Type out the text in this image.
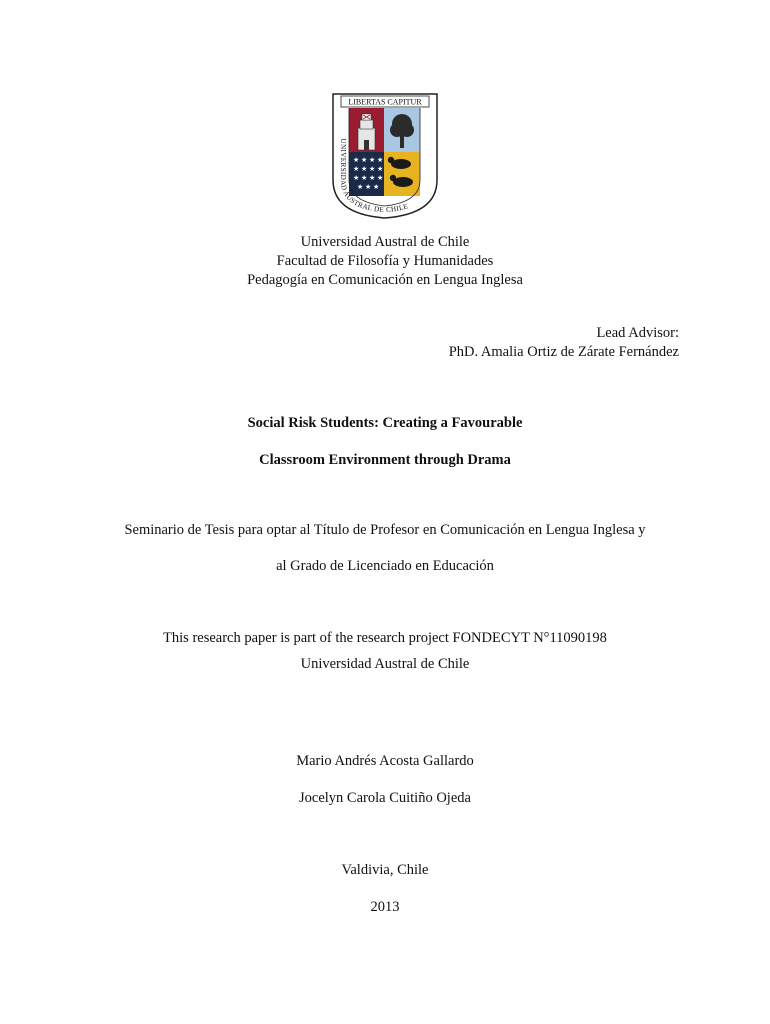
LIBERTAS CAPITUR
★ ★ ★ ★
★ ★ ★ ★
★ ★ ★ ★
★ ★ ★
UNIVERSIDAD AUSTRAL DE CHILE
Universidad Austral de Chile
Facultad de Filosofía y Humanidades
Pedagogía en Comunicación en Lengua Inglesa
Lead Advisor:
PhD. Amalia Ortiz de Zárate Fernández
Social Risk Students: Creating a Favourable
Classroom Environment through Drama
Seminario de Tesis para optar al Título de Profesor en Comunicación en Lengua Inglesa y
al Grado de Licenciado en Educación
This research paper is part of the research project FONDECYT N°11090198
Universidad Austral de Chile
Mario Andrés Acosta Gallardo
Jocelyn Carola Cuitiño Ojeda
Valdivia, Chile
2013
